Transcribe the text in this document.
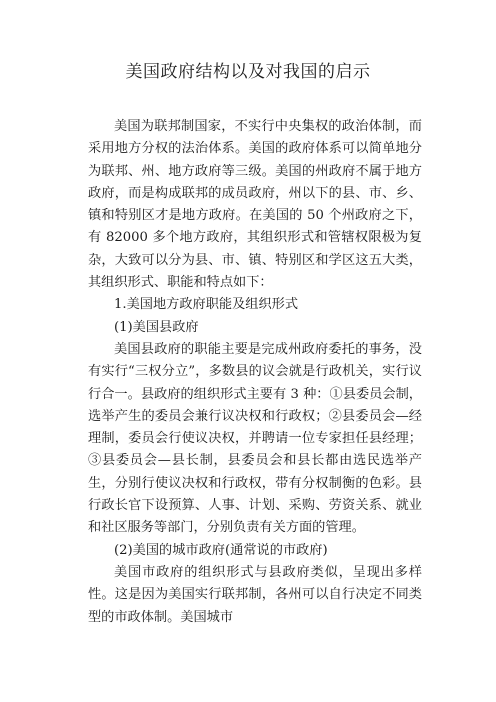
美国政府结构以及对我国的启示

美国为联邦制国家，不实行中央集权的政治体制，而采用地方分权的法治体系。美国的政府体系可以简单地分为联邦、州、地方政府等三级。美国的州政府不属于地方政府，而是构成联邦的成员政府，州以下的县、市、乡、镇和特别区才是地方政府。在美国的 50 个州政府之下，有 82000 多个地方政府，其组织形式和管辖权限极为复杂，大致可以分为县、市、镇、特别区和学区这五大类，其组织形式、职能和特点如下：

1.美国地方政府职能及组织形式

(1)美国县政府

美国县政府的职能主要是完成州政府委托的事务，没有实行“三权分立”，多数县的议会就是行政机关，实行议行合一。县政府的组织形式主要有 3 种：①县委员会制，选举产生的委员会兼行议决权和行政权；②县委员会—经理制，委员会行使议决权，并聘请一位专家担任县经理；③县委员会—县长制，县委员会和县长都由选民选举产生，分别行使议决权和行政权，带有分权制衡的色彩。县行政长官下设预算、人事、计划、采购、劳资关系、就业和社区服务等部门，分别负责有关方面的管理。

(2)美国的城市政府(通常说的市政府)

美国市政府的组织形式与县政府类似，呈现出多样性。这是因为美国实行联邦制，各州可以自行决定不同类型的市政体制。美国城市
